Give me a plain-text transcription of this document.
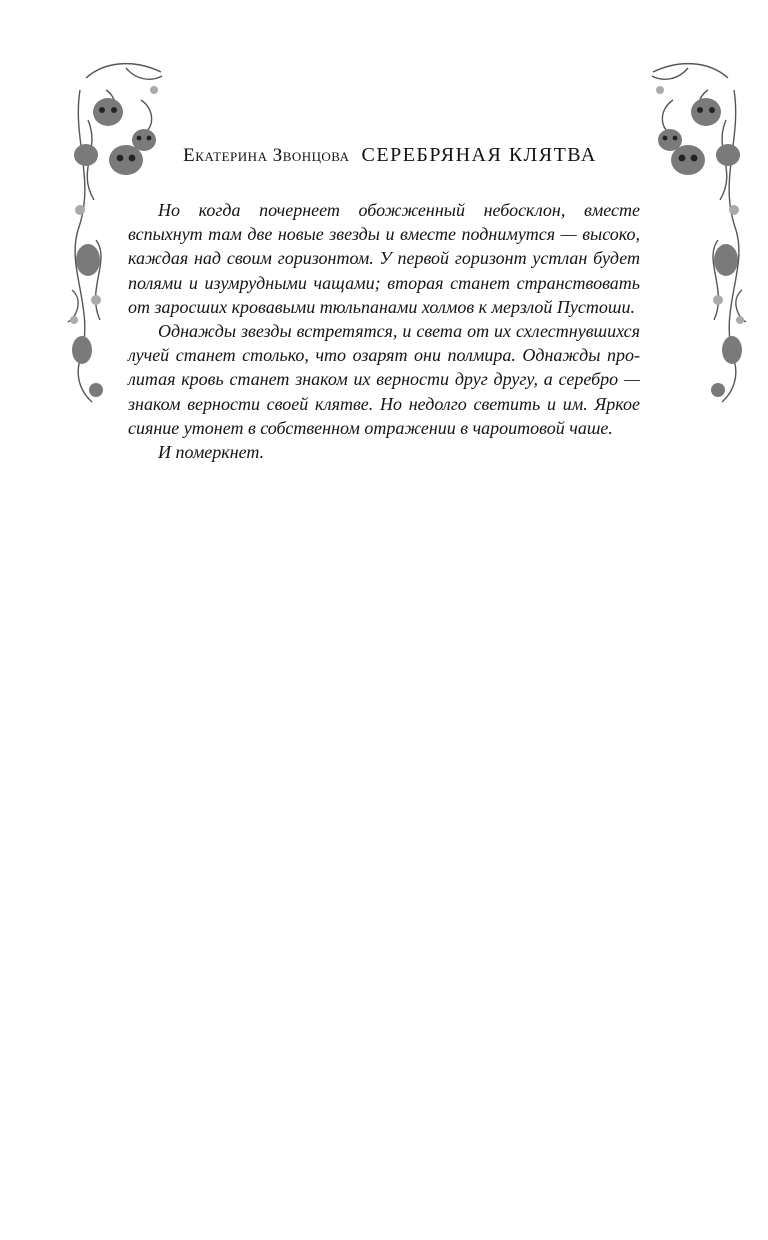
Екатерина Звонцова СЕРЕБРЯНАЯ КЛЯТВА

Но когда почернеет обожженный небосклон, вместе вспыхнут там две новые звезды и вместе поднимутся — высоко, каждая над своим горизонтом. У первой горизонт устлан будет полями и изумрудными чащами; вторая станет странствовать от заросших кровавыми тюльпанами холмов к мерзлой Пустоши.

Однажды звезды встретятся, и света от их схлестнувшихся лучей станет столько, что озарят они полмира. Однажды пролитая кровь станет знаком их верности друг другу, а серебро — знаком верности своей клятве. Но недолго светить и им. Яркое сияние утонет в собственном отражении в чароитовой чаше.

И померкнет.
